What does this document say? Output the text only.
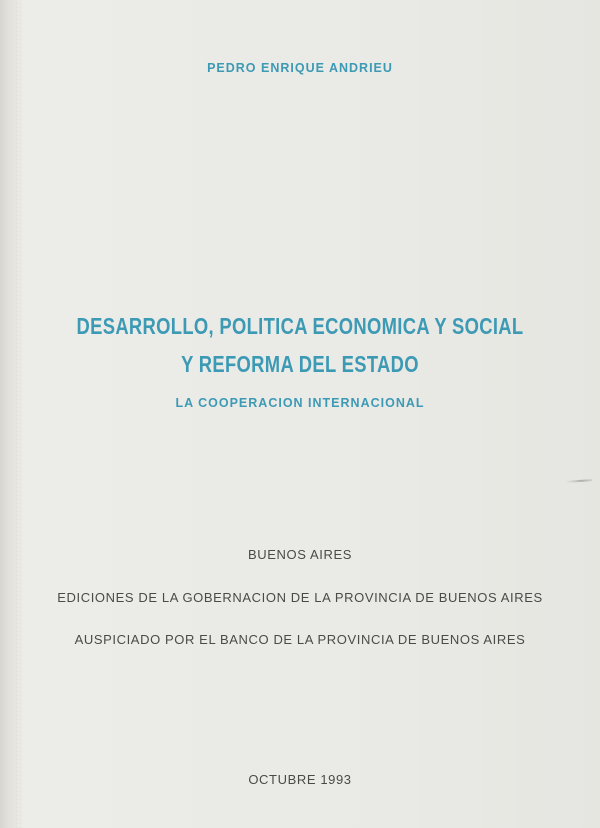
PEDRO ENRIQUE ANDRIEU
DESARROLLO, POLITICA ECONOMICA Y SOCIAL
Y REFORMA DEL ESTADO
LA COOPERACION INTERNACIONAL
BUENOS AIRES
EDICIONES DE LA GOBERNACION DE LA PROVINCIA DE BUENOS AIRES
AUSPICIADO POR EL BANCO DE LA PROVINCIA DE BUENOS AIRES
OCTUBRE 1993
